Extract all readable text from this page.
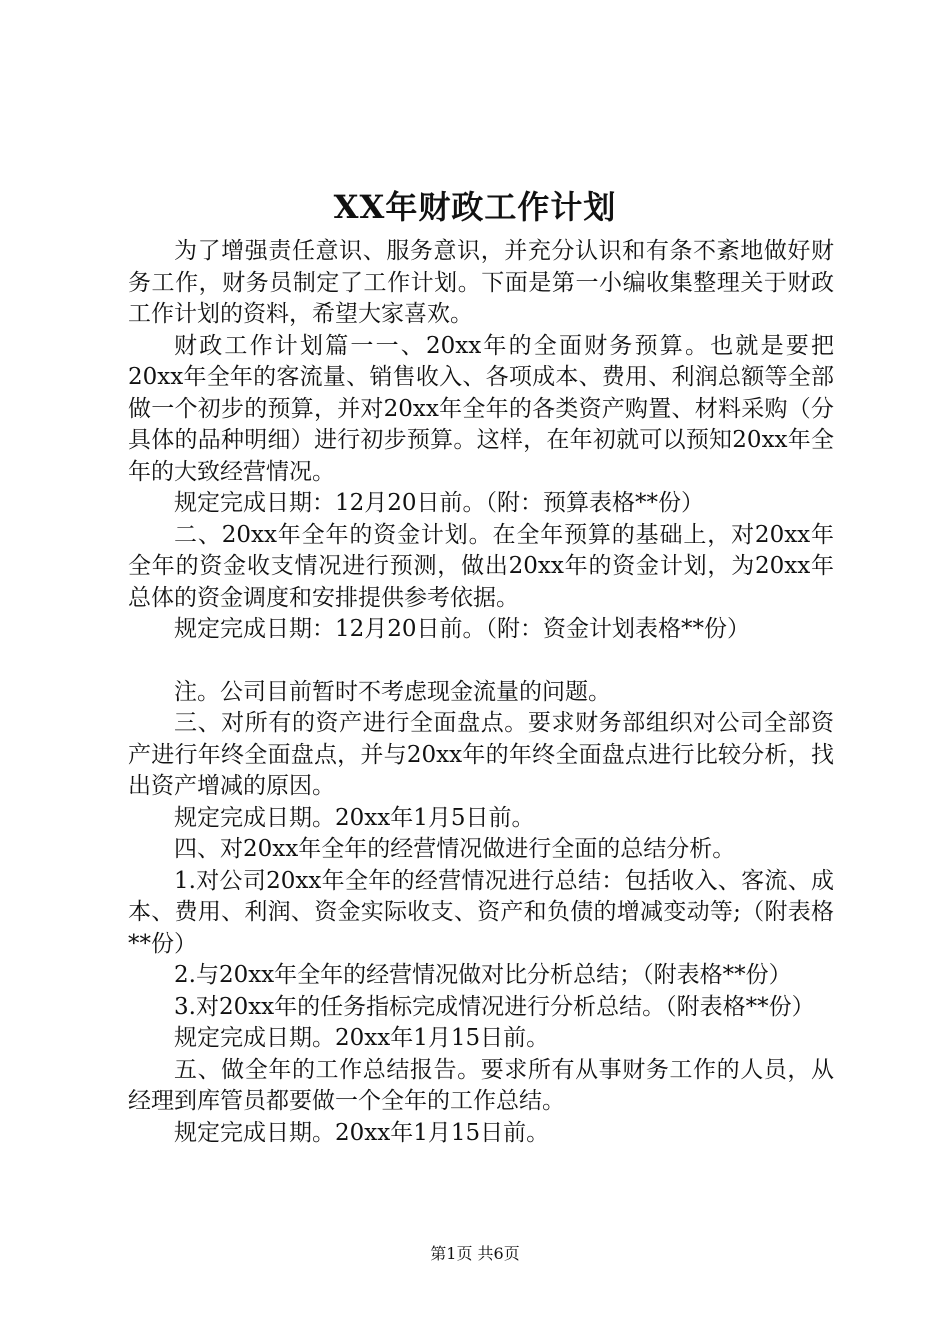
XX年财政工作计划

为了增强责任意识、服务意识，并充分认识和有条不紊地做好财务工作，财务员制定了工作计划。下面是第一小编收集整理关于财政工作计划的资料，希望大家喜欢。

财政工作计划篇一一、20xx年的全面财务预算。也就是要把20xx年全年的客流量、销售收入、各项成本、费用、利润总额等全部做一个初步的预算，并对20xx年全年的各类资产购置、材料采购（分具体的品种明细）进行初步预算。这样，在年初就可以预知20xx年全年的大致经营情况。

规定完成日期：12月20日前。（附：预算表格**份）

二、20xx年全年的资金计划。在全年预算的基础上，对20xx年全年的资金收支情况进行预测，做出20xx年的资金计划，为20xx年总体的资金调度和安排提供参考依据。

规定完成日期：12月20日前。（附：资金计划表格**份）

注。公司目前暂时不考虑现金流量的问题。

三、对所有的资产进行全面盘点。要求财务部组织对公司全部资产进行年终全面盘点，并与20xx年的年终全面盘点进行比较分析，找出资产增减的原因。

规定完成日期。20xx年1月5日前。

四、对20xx年全年的经营情况做进行全面的总结分析。

1.对公司20xx年全年的经营情况进行总结：包括收入、客流、成本、费用、利润、资金实际收支、资产和负债的增减变动等;（附表格**份）

2.与20xx年全年的经营情况做对比分析总结；（附表格**份）

3.对20xx年的任务指标完成情况进行分析总结。（附表格**份）

规定完成日期。20xx年1月15日前。

五、做全年的工作总结报告。要求所有从事财务工作的人员，从经理到库管员都要做一个全年的工作总结。

规定完成日期。20xx年1月15日前。

第1页 共6页
